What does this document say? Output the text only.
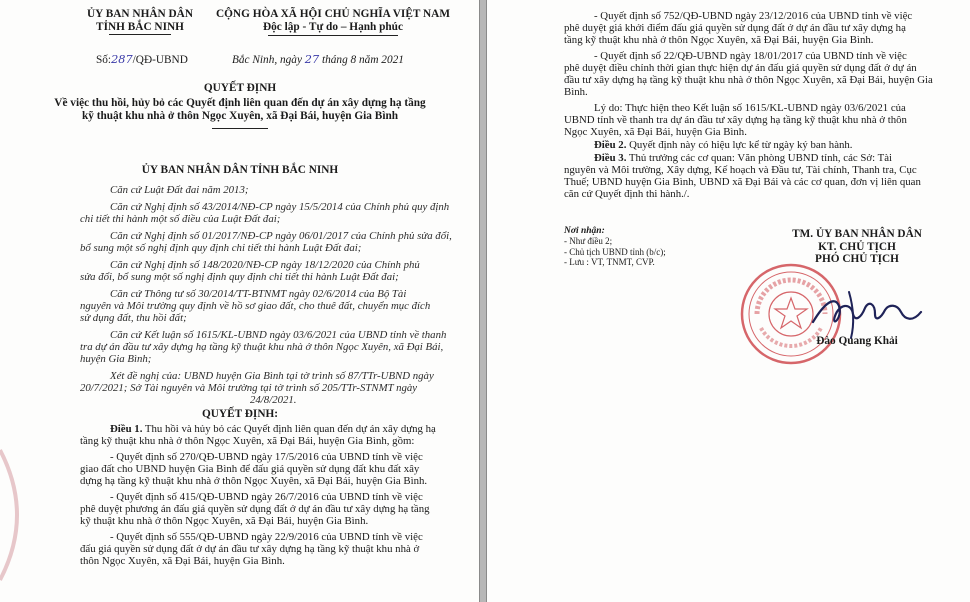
ỦY BAN NHÂN DÂN
TỈNH BẮC NINH
CỘNG HÒA XÃ HỘI CHỦ NGHĨA VIỆT NAM
Độc lập - Tự do – Hạnh phúc
Số:287/QĐ-UBND	Bắc Ninh, ngày 27 tháng 8 năm 2021
QUYẾT ĐỊNH
Về việc thu hồi, hủy bỏ các Quyết định liên quan đến dự án xây dựng hạ tầng
kỹ thuật khu nhà ở thôn Ngọc Xuyên, xã Đại Bái, huyện Gia Bình
ỦY BAN NHÂN DÂN TỈNH BẮC NINH
Căn cứ Luật Đất đai năm 2013;
Căn cứ Nghị định số 43/2014/NĐ-CP ngày 15/5/2014 của Chính phủ quy định
chi tiết thi hành một số điều của Luật Đất đai;
Căn cứ Nghị định số 01/2017/NĐ-CP ngày 06/01/2017 của Chính phủ sửa đổi,
bổ sung một số nghị định quy định chi tiết thi hành Luật Đất đai;
Căn cứ Nghị định số 148/2020/NĐ-CP ngày 18/12/2020 của Chính phủ
sửa đổi, bổ sung một số nghị định quy định chi tiết thi hành Luật Đất đai;
Căn cứ Thông tư số 30/2014/TT-BTNMT ngày 02/6/2014 của Bộ Tài
nguyên và Môi trường quy định về hồ sơ giao đất, cho thuê đất, chuyển mục đích
sử dụng đất, thu hồi đất;
Căn cứ Kết luận số 1615/KL-UBND ngày 03/6/2021 của UBND tỉnh về thanh
tra dự án đầu tư xây dựng hạ tầng kỹ thuật khu nhà ở thôn Ngọc Xuyên, xã Đại Bái,
huyện Gia Bình;
Xét đề nghị của: UBND huyện Gia Bình tại tờ trình số 87/TTr-UBND ngày
20/7/2021; Sở Tài nguyên và Môi trường tại tờ trình số 205/TTr-STNMT ngày
24/8/2021.
QUYẾT ĐỊNH:
Điều 1. Thu hồi và hủy bỏ các Quyết định liên quan đến dự án xây dựng hạ
tầng kỹ thuật khu nhà ở thôn Ngọc Xuyên, xã Đại Bái, huyện Gia Bình, gồm:
- Quyết định số 270/QĐ-UBND ngày 17/5/2016 của UBND tỉnh về việc
giao đất cho UBND huyện Gia Bình để đấu giá quyền sử dụng đất khu đất xây
dựng hạ tầng kỹ thuật khu nhà ở thôn Ngọc Xuyên, xã Đại Bái, huyện Gia Bình.
- Quyết định số 415/QĐ-UBND ngày 26/7/2016 của UBND tỉnh về việc
phê duyệt phương án đấu giá quyền sử dụng đất ở dự án đầu tư xây dựng hạ tầng
kỹ thuật khu nhà ở thôn Ngọc Xuyên, xã Đại Bái, huyện Gia Bình.
- Quyết định số 555/QĐ-UBND ngày 22/9/2016 của UBND tỉnh về việc
đấu giá quyền sử dụng đất ở dự án đầu tư xây dựng hạ tầng kỹ thuật khu nhà ở
thôn Ngọc Xuyên, xã Đại Bái, huyện Gia Bình.
- Quyết định số 752/QĐ-UBND ngày 23/12/2016 của UBND tỉnh về việc
phê duyệt giá khởi điểm đấu giá quyền sử dụng đất ở dự án đầu tư xây dựng hạ
tầng kỹ thuật khu nhà ở thôn Ngọc Xuyên, xã Đại Bái, huyện Gia Bình.
- Quyết định số 22/QĐ-UBND ngày 18/01/2017 của UBND tỉnh về việc
phê duyệt điều chỉnh thời gian thực hiện dự án đấu giá quyền sử dụng đất ở dự án
đầu tư xây dựng hạ tầng kỹ thuật khu nhà ở thôn Ngọc Xuyên, xã Đại Bái, huyện Gia
Bình.
Lý do: Thực hiện theo Kết luận số 1615/KL-UBND ngày 03/6/2021 của
UBND tỉnh về thanh tra dự án đầu tư xây dựng hạ tầng kỹ thuật khu nhà ở thôn
Ngọc Xuyên, xã Đại Bái, huyện Gia Bình.
Điều 2. Quyết định này có hiệu lực kể từ ngày ký ban hành.
Điều 3. Thủ trưởng các cơ quan: Văn phòng UBND tỉnh, các Sở: Tài
nguyên và Môi trường, Xây dựng, Kế hoạch và Đầu tư, Tài chính, Thanh tra, Cục
Thuế; UBND huyện Gia Bình, UBND xã Đại Bái và các cơ quan, đơn vị liên quan
căn cứ Quyết định thi hành./.
Nơi nhận:
- Như điều 2;
- Chủ tịch UBND tỉnh (b/c);
- Lưu : VT, TNMT, CVP.
TM. ỦY BAN NHÂN DÂN
KT. CHỦ TỊCH
PHÓ CHỦ TỊCH
Đào Quang Khải
